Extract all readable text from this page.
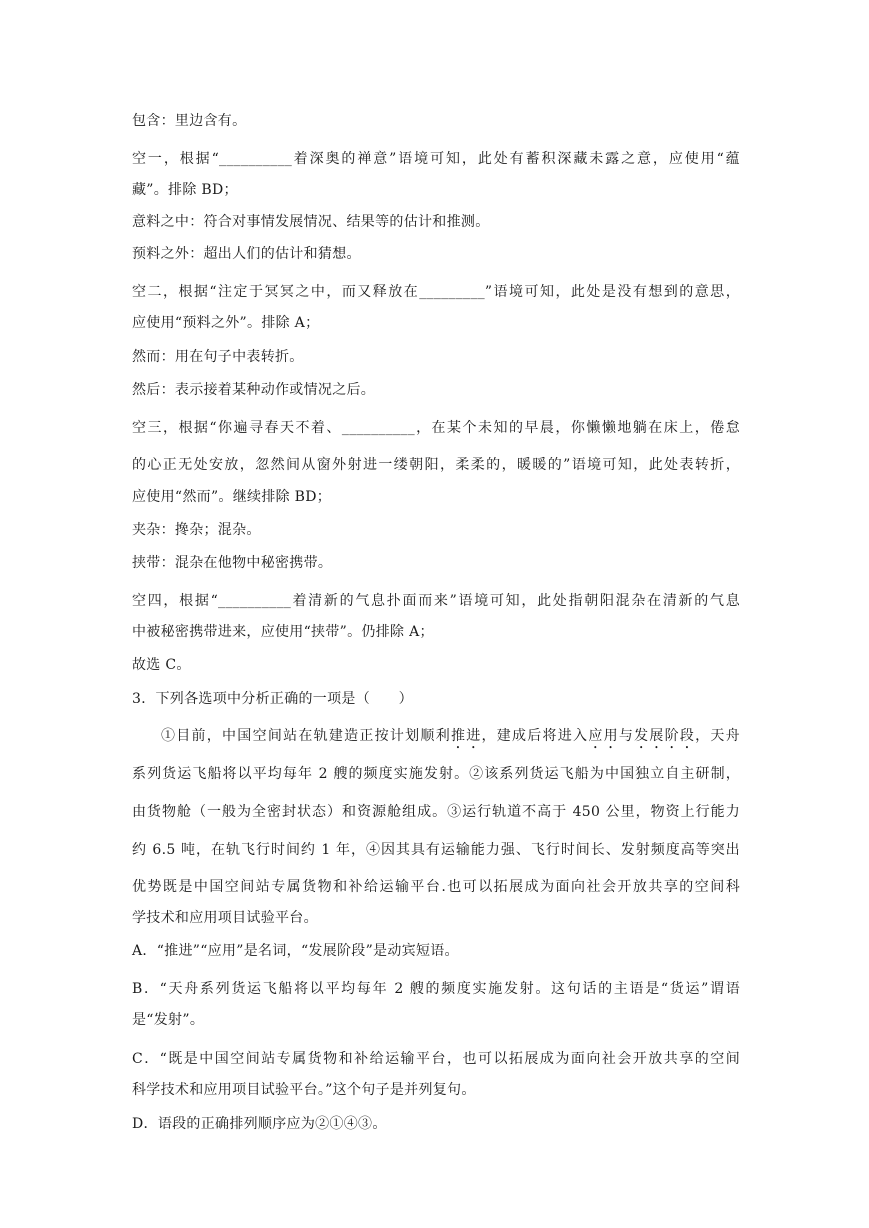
包含：里边含有。

空一，根据“__________着深奥的禅意”语境可知，此处有蓄积深藏未露之意，应使用“蕴

藏”。排除 BD；

意料之中：符合对事情发展情况、结果等的估计和推测。

预料之外：超出人们的估计和猜想。

空二，根据“注定于冥冥之中，而又释放在_________”语境可知，此处是没有想到的意思，

应使用“预料之外”。排除 A；

然而：用在句子中表转折。

然后：表示接着某种动作或情况之后。

空三，根据“你遍寻春天不着、__________，在某个未知的早晨，你懒懒地躺在床上，倦怠

的心正无处安放，忽然间从窗外射进一缕朝阳，柔柔的，暖暖的”语境可知，此处表转折，

应使用“然而”。继续排除 BD；

夹杂：搀杂；混杂。

挟带：混杂在他物中秘密携带。

空四，根据“__________着清新的气息扑面而来”语境可知，此处指朝阳混杂在清新的气息

中被秘密携带进来，应使用“挟带”。仍排除 A；

故选 C。

3．下列各选项中分析正确的一项是（　　）

①目前，中国空间站在轨建造正按计划顺利推进，建成后将进入应用与发展阶段，天舟

系列货运飞船将以平均每年 2 艘的频度实施发射。②该系列货运飞船为中国独立自主研制，

由货物舱（一般为全密封状态）和资源舱组成。③运行轨道不高于 450 公里，物资上行能力

约 6.5 吨，在轨飞行时间约 1 年，④因其具有运输能力强、飞行时间长、发射频度高等突出

优势既是中国空间站专属货物和补给运输平台.也可以拓展成为面向社会开放共享的空间科

学技术和应用项目试验平台。

A．“推进”“应用”是名词，“发展阶段”是动宾短语。

B．“天舟系列货运飞船将以平均每年 2 艘的频度实施发射。这句话的主语是“货运”谓语

是“发射”。

C．“既是中国空间站专属货物和补给运输平台，也可以拓展成为面向社会开放共享的空间

科学技术和应用项目试验平台。”这个句子是并列复句。

D．语段的正确排列顺序应为②①④③。
